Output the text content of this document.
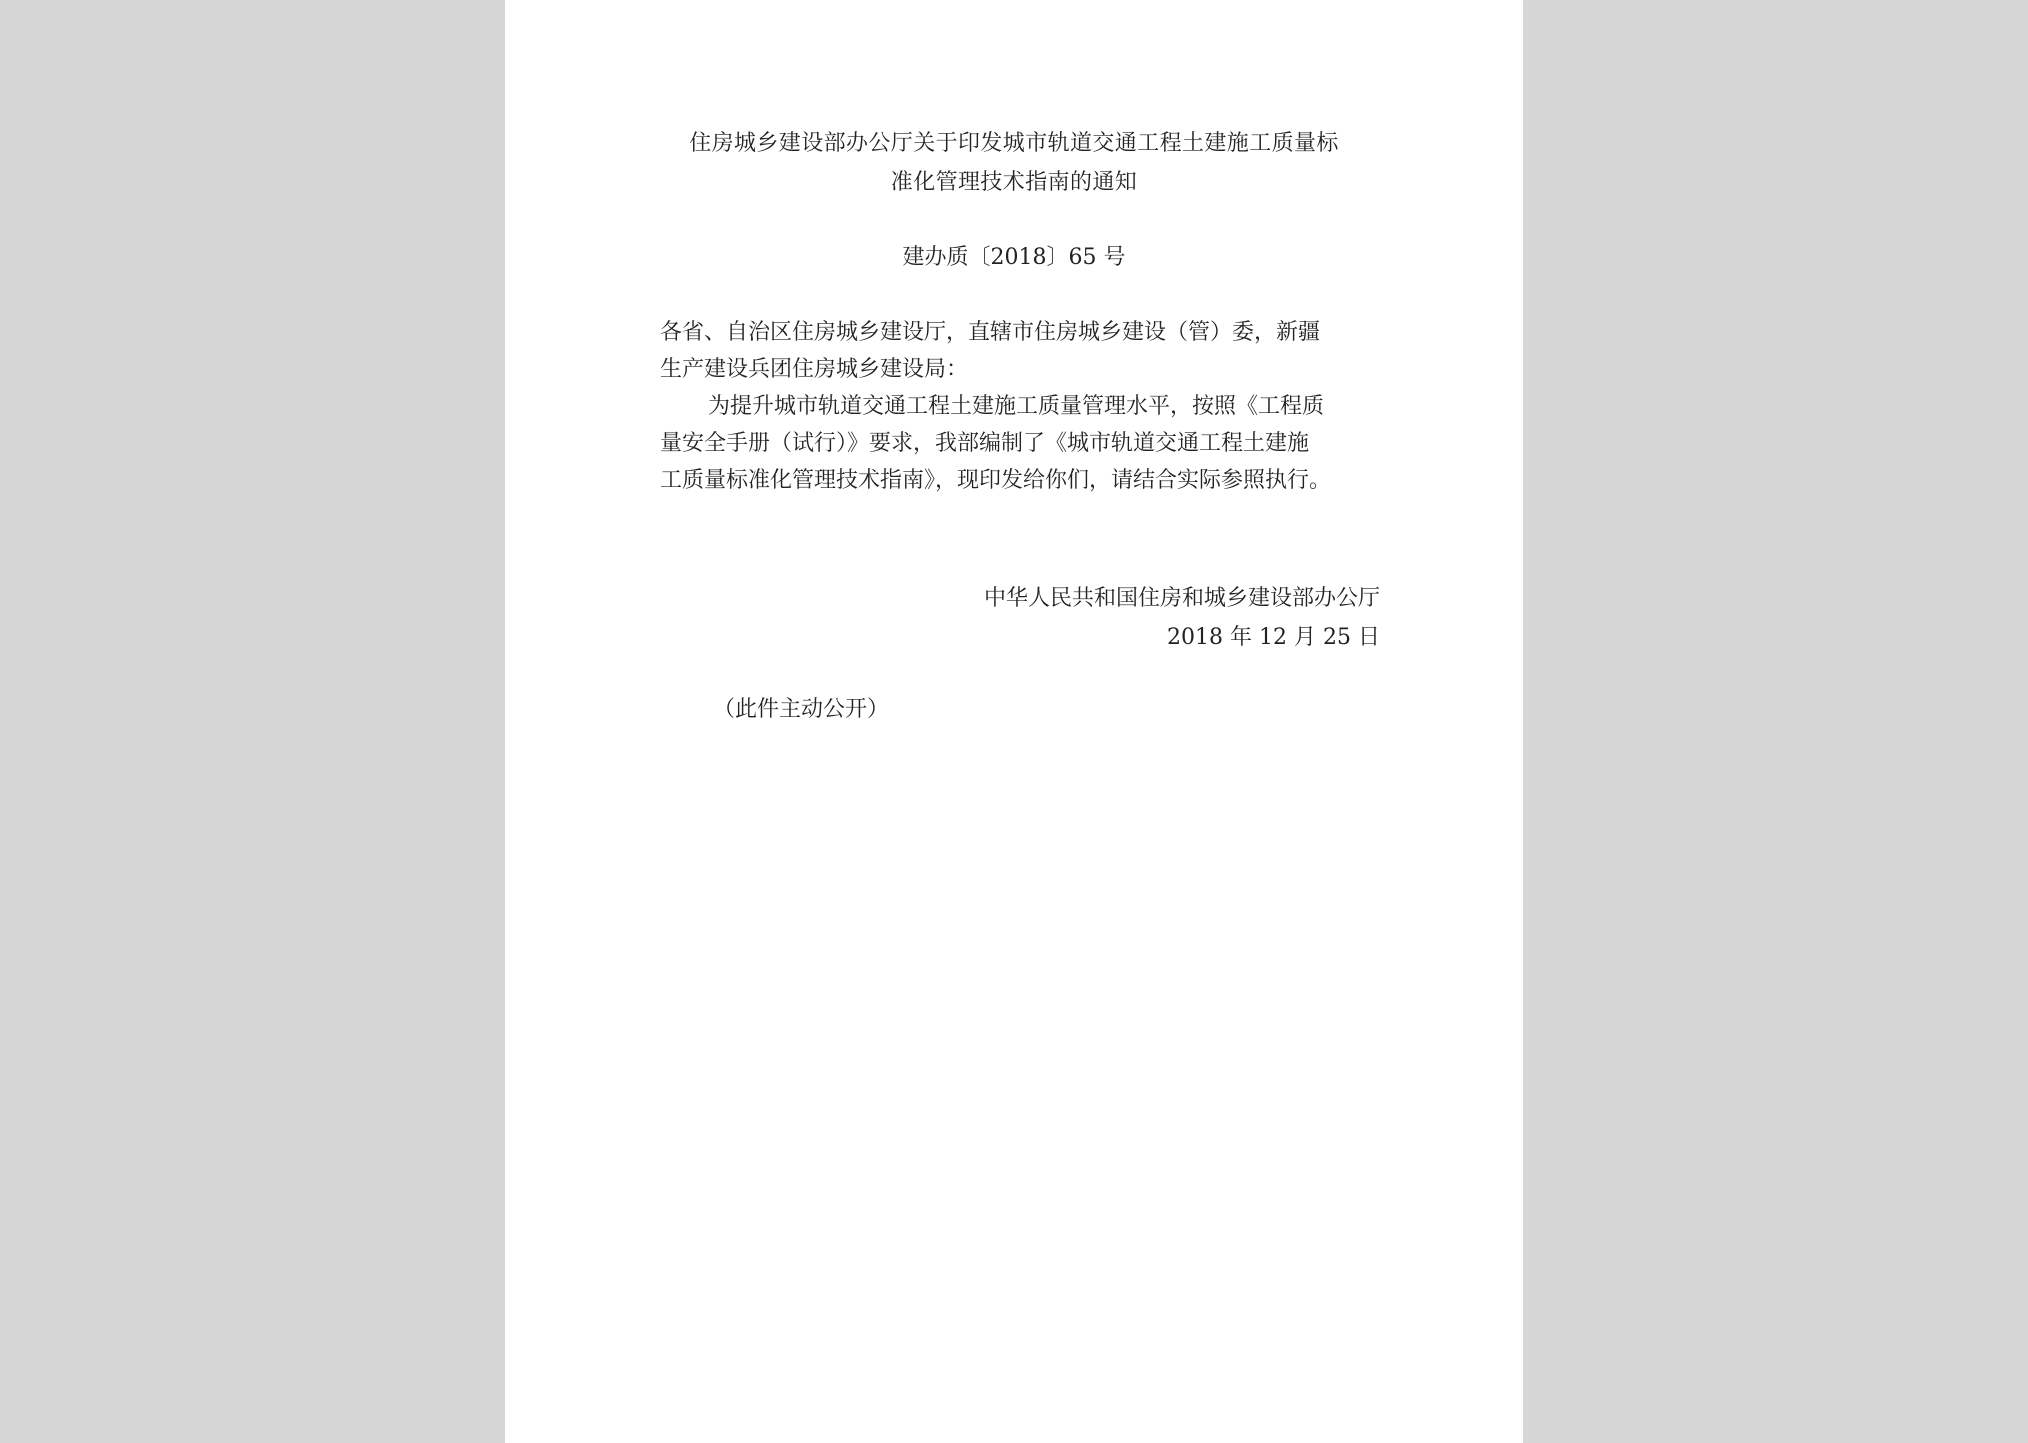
住房城乡建设部办公厅关于印发城市轨道交通工程土建施工质量标
准化管理技术指南的通知
建办质〔2018〕65 号
各省、自治区住房城乡建设厅，直辖市住房城乡建设（管）委，新疆
生产建设兵团住房城乡建设局：
为提升城市轨道交通工程土建施工质量管理水平，按照《工程质
量安全手册（试行）》要求，我部编制了《城市轨道交通工程土建施
工质量标准化管理技术指南》，现印发给你们，请结合实际参照执行。
中华人民共和国住房和城乡建设部办公厅
2018 年 12 月 25 日
（此件主动公开）
